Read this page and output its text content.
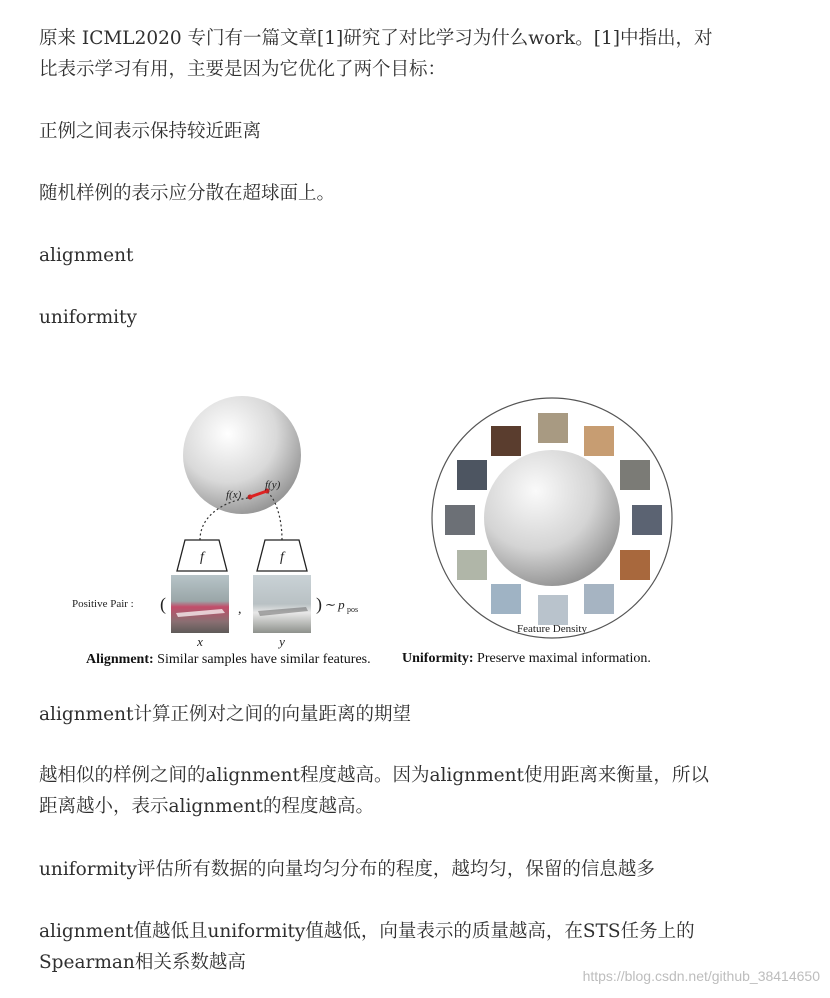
原来 ICML2020 专门有一篇文章[1]研究了对比学习为什么work。[1]中指出，对
比表示学习有用，主要是因为它优化了两个目标：

正例之间表示保持较近距离

随机样例的表示应分散在超球面上。

alignment

uniformity

f(x)
f(y)
f	f
Positive Pair : (	,	) ∼ p pos
x	y
Alignment: Similar samples have similar features.
Feature Density
Uniformity: Preserve maximal information.

alignment计算正例对之间的向量距离的期望

越相似的样例之间的alignment程度越高。因为alignment使用距离来衡量，所以
距离越小，表示alignment的程度越高。

uniformity评估所有数据的向量均匀分布的程度，越均匀，保留的信息越多

alignment值越低且uniformity值越低，向量表示的质量越高，在STS任务上的
Spearman相关系数越高

https://blog.csdn.net/github_38414650
